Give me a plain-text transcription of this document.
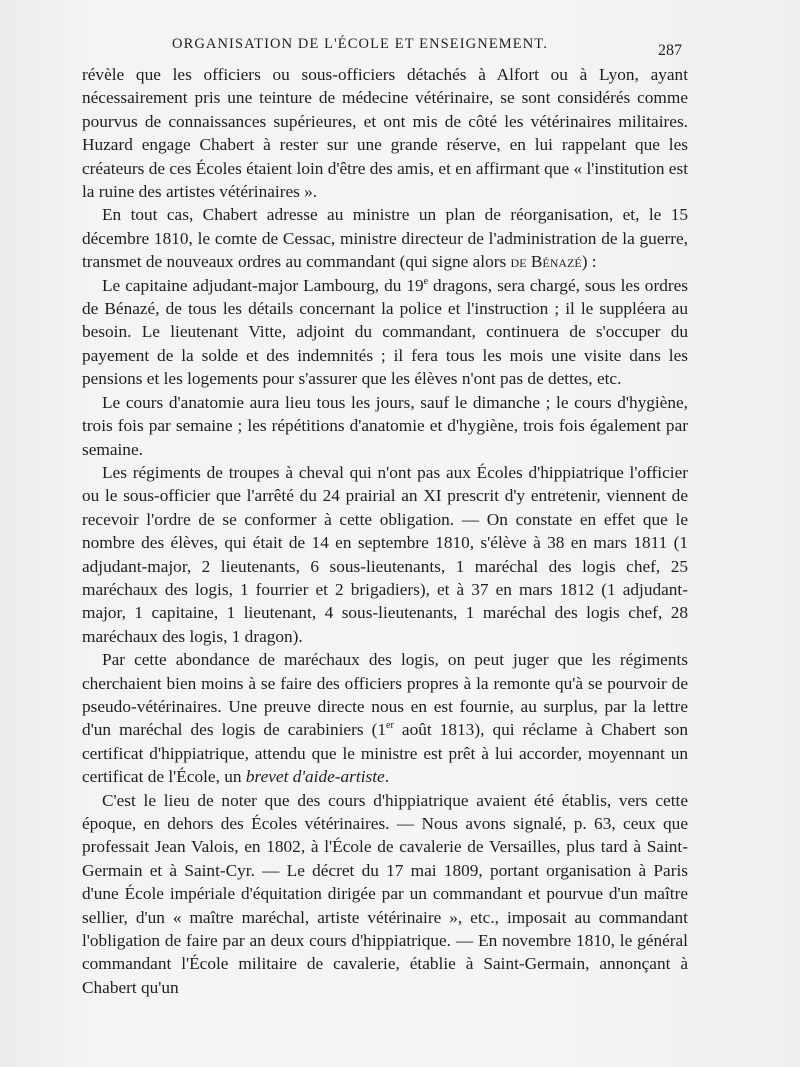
ORGANISATION DE L'ÉCOLE ET ENSEIGNEMENT.	287

révèle que les officiers ou sous-officiers détachés à Alfort ou à Lyon, ayant nécessairement pris une teinture de médecine vétérinaire, se sont considérés comme pourvus de connaissances supérieures, et ont mis de côté les vétérinaires militaires. Huzard engage Chabert à rester sur une grande réserve, en lui rappelant que les créateurs de ces Écoles étaient loin d'être des amis, et en affirmant que « l'institution est la ruine des artistes vétérinaires ».

En tout cas, Chabert adresse au ministre un plan de réorganisation, et, le 15 décembre 1810, le comte de Cessac, ministre directeur de l'administration de la guerre, transmet de nouveaux ordres au commandant (qui signe alors de Bénazé) :

Le capitaine adjudant-major Lambourg, du 19e dragons, sera chargé, sous les ordres de Bénazé, de tous les détails concernant la police et l'instruction ; il le suppléera au besoin. Le lieutenant Vitte, adjoint du commandant, continuera de s'occuper du payement de la solde et des indemnités ; il fera tous les mois une visite dans les pensions et les logements pour s'assurer que les élèves n'ont pas de dettes, etc.

Le cours d'anatomie aura lieu tous les jours, sauf le dimanche ; le cours d'hygiène, trois fois par semaine ; les répétitions d'anatomie et d'hygiène, trois fois également par semaine.

Les régiments de troupes à cheval qui n'ont pas aux Écoles d'hippiatrique l'officier ou le sous-officier que l'arrêté du 24 prairial an XI prescrit d'y entretenir, viennent de recevoir l'ordre de se conformer à cette obligation. — On constate en effet que le nombre des élèves, qui était de 14 en septembre 1810, s'élève à 38 en mars 1811 (1 adjudant-major, 2 lieutenants, 6 sous-lieutenants, 1 maréchal des logis chef, 25 maréchaux des logis, 1 fourrier et 2 brigadiers), et à 37 en mars 1812 (1 adjudant-major, 1 capitaine, 1 lieutenant, 4 sous-lieutenants, 1 maréchal des logis chef, 28 maréchaux des logis, 1 dragon).

Par cette abondance de maréchaux des logis, on peut juger que les régiments cherchaient bien moins à se faire des officiers propres à la remonte qu'à se pourvoir de pseudo-vétérinaires. Une preuve directe nous en est fournie, au surplus, par la lettre d'un maréchal des logis de carabiniers (1er août 1813), qui réclame à Chabert son certificat d'hippiatrique, attendu que le ministre est prêt à lui accorder, moyennant un certificat de l'École, un brevet d'aide-artiste.

C'est le lieu de noter que des cours d'hippiatrique avaient été établis, vers cette époque, en dehors des Écoles vétérinaires. — Nous avons signalé, p. 63, ceux que professait Jean Valois, en 1802, à l'École de cavalerie de Versailles, plus tard à Saint-Germain et à Saint-Cyr. — Le décret du 17 mai 1809, portant organisation à Paris d'une École impériale d'équitation dirigée par un commandant et pourvue d'un maître sellier, d'un « maître maréchal, artiste vétérinaire », etc., imposait au commandant l'obligation de faire par an deux cours d'hippiatrique. — En novembre 1810, le général commandant l'École militaire de cavalerie, établie à Saint-Germain, annonçant à Chabert qu'un
